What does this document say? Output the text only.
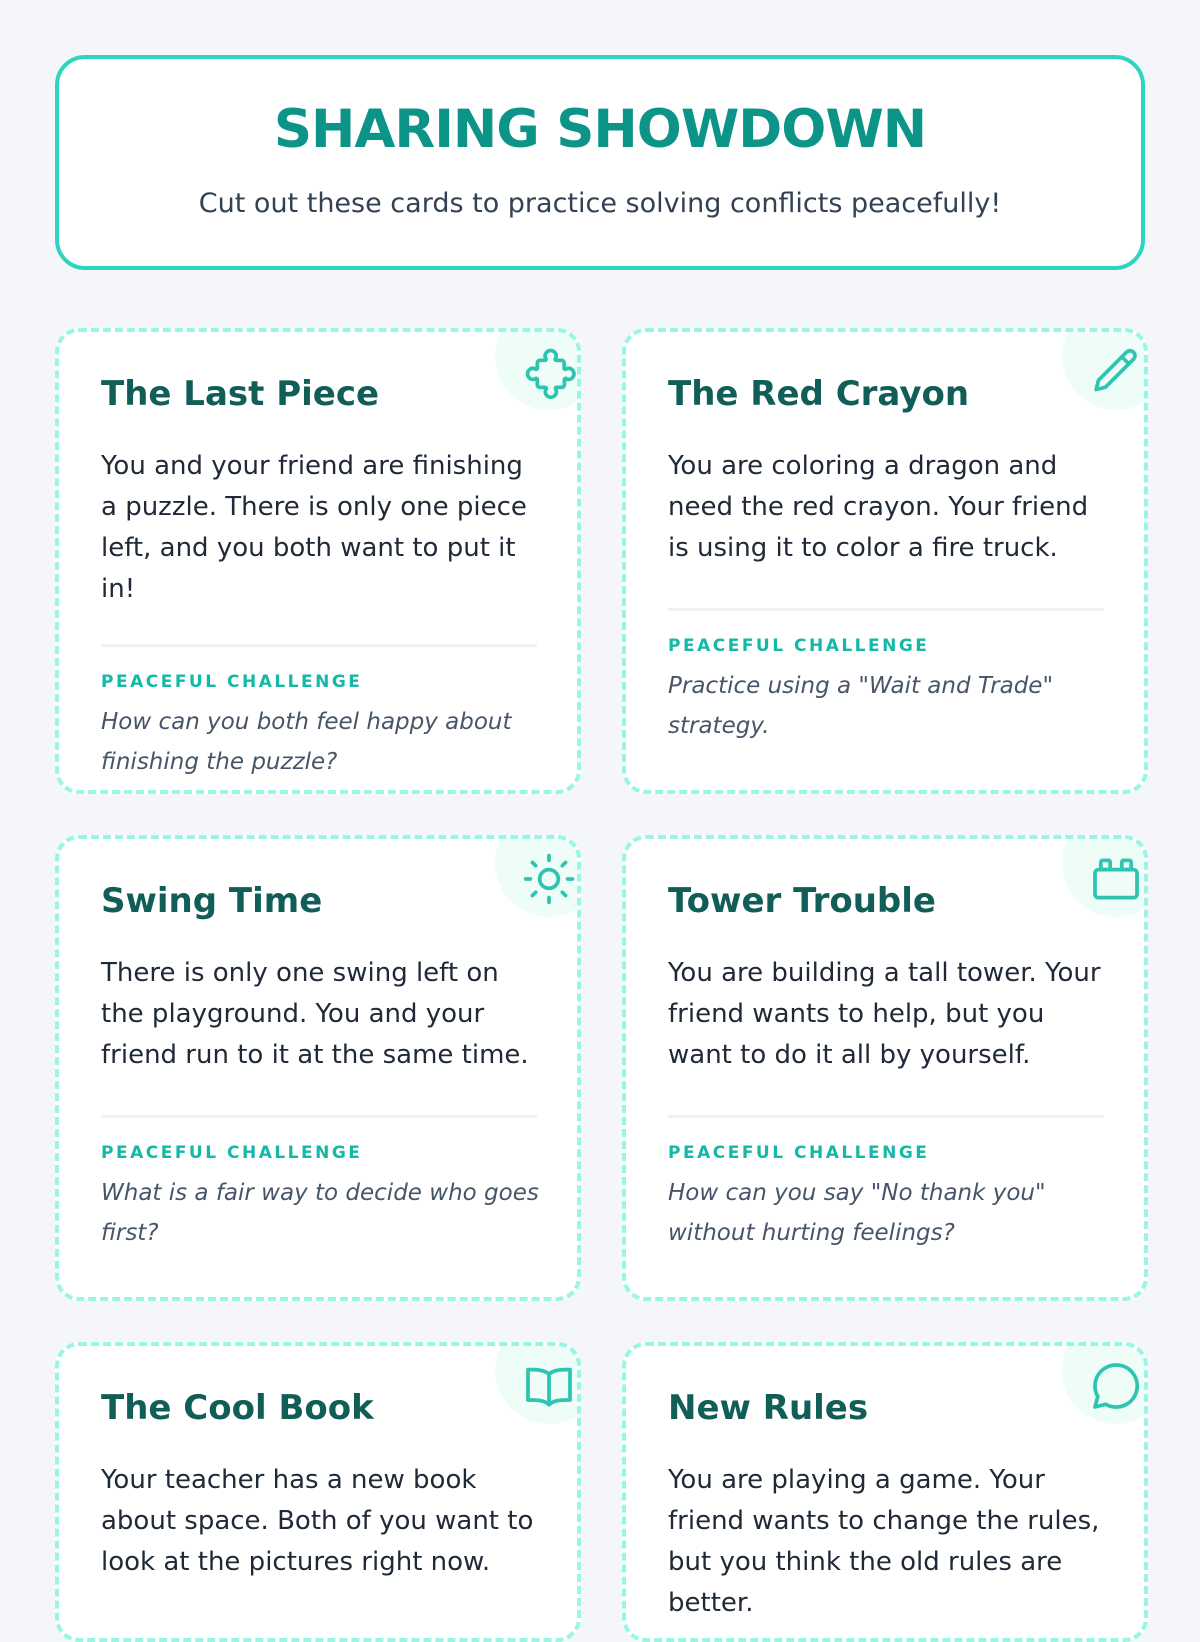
SHARING SHOWDOWN
Cut out these cards to practice solving conflicts peacefully!
The Last Piece

You and your friend are finishing a puzzle. There is only one piece left, and you both want to put it in!

PEACEFUL CHALLENGE

How can you both feel happy about finishing the puzzle?

The Red Crayon

You are coloring a dragon and need the red crayon. Your friend is using it to color a fire truck.

PEACEFUL CHALLENGE

Practice using a "Wait and Trade" strategy.

Swing Time

There is only one swing left on the playground. You and your friend run to it at the same time.

PEACEFUL CHALLENGE

What is a fair way to decide who goes first?

Tower Trouble

You are building a tall tower. Your friend wants to help, but you want to do it all by yourself.

PEACEFUL CHALLENGE

How can you say "No thank you" without hurting feelings?

The Cool Book

Your teacher has a new book about space. Both of you want to look at the pictures right now.

New Rules

You are playing a game. Your friend wants to change the rules, but you think the old rules are better.
